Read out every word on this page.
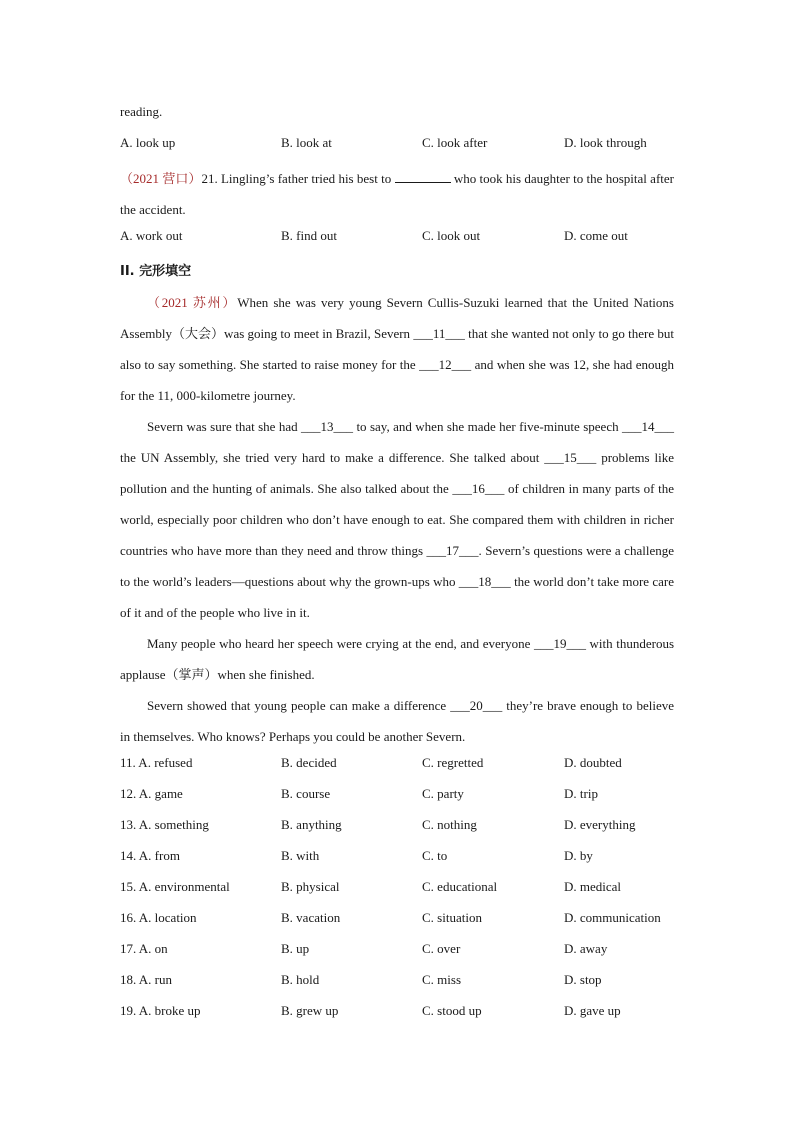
reading.
A. look up	B. look at	C. look after	D. look through

（2021 营口）21. Lingling’s father tried his best to	who took his daughter to the hospital after the accident.

A. work out	B. find out	C. look out	D. come out
II. 完形填空

（2021 苏州）When she was very young Severn Cullis-Suzuki learned that the United Nations Assembly（大会）was going to meet in Brazil, Severn ___11___ that she wanted not only to go there but also to say something. She started to raise money for the ___12___ and when she was 12, she had enough for the 11, 000-kilometre journey.

Severn was sure that she had ___13___ to say, and when she made her five-minute speech ___14___ the UN Assembly, she tried very hard to make a difference. She talked about ___15___ problems like pollution and the hunting of animals. She also talked about the ___16___ of children in many parts of the world, especially poor children who don’t have enough to eat. She compared them with children in richer countries who have more than they need and throw things ___17___. Severn’s questions were a challenge to the world’s leaders—questions about why the grown-ups who ___18___ the world don’t take more care of it and of the people who live in it.

Many people who heard her speech were crying at the end, and everyone ___19___ with thunderous applause（掌声）when she finished.

Severn showed that young people can make a difference ___20___ they’re brave enough to believe in themselves. Who knows? Perhaps you could be another Severn.

11. A. refused	B. decided	C. regretted	D. doubted
12. A. game	B. course	C. party	D. trip
13. A. something	B. anything	C. nothing	D. everything
14. A. from	B. with	C. to	D. by
15. A. environmental	B. physical	C. educational	D. medical
16. A. location	B. vacation	C. situation	D. communication
17. A. on	B. up	C. over	D. away
18. A. run	B. hold	C. miss	D. stop
19. A. broke up	B. grew up	C. stood up	D. gave up
